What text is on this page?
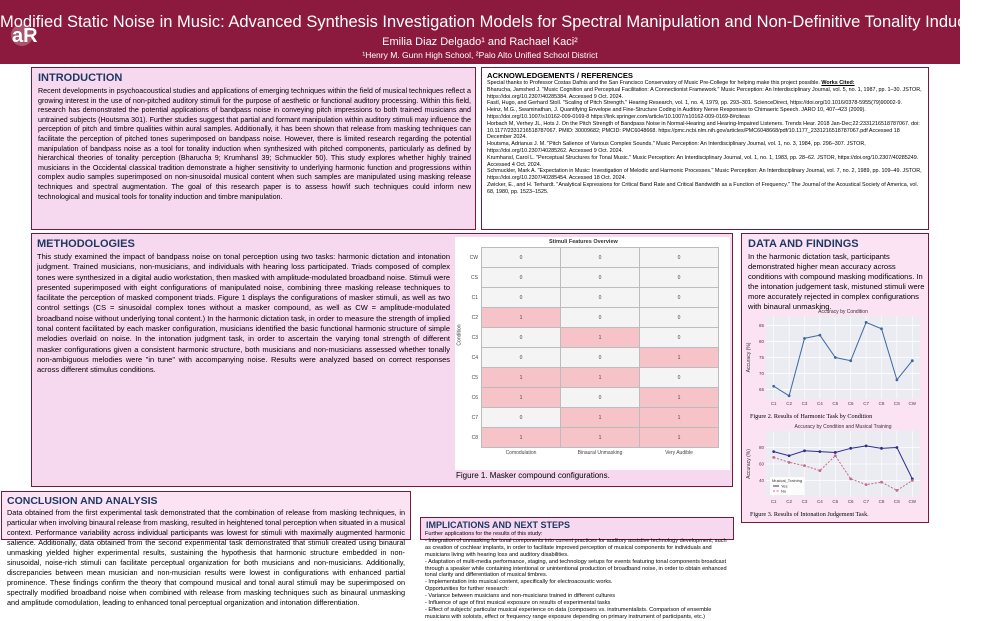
aR
Modified Static Noise in Music: Advanced Synthesis Investigation Models for Spectral Manipulation and Non-Definitive Tonality Induction
Emilia Diaz Delgado¹ and Rachael Kaci²
¹Henry M. Gunn High School, ²Palo Alto Unified School District
INTRODUCTION
Recent developments in psychoacoustical studies and applications of emerging techniques within the field of musical techniques reflect a growing interest in the use of non-pitched auditory stimuli for the purpose of aesthetic or functional auditory processing. Within this field, research has demonstrated the potential applications of bandpass noise in conveying pitch impressions to both trained musicians and untrained subjects (Houtsma 301). Further studies suggest that partial and formant manipulation within auditory stimuli may influence the perception of pitch and timbre qualities within aural samples. Additionally, it has been shown that release from masking techniques can facilitate the perception of pitched tones superimposed on bandpass noise. However, there is limited research regarding the potential manipulation of bandpass noise as a tool for tonality induction when synthesized with pitched components, particularly as defined by hierarchical theories of tonality perception (Bharucha 9; Krumhansl 39; Schmuckler 50). This study explores whether highly trained musicians in the Occidental classical tradition demonstrate a higher sensitivity to underlying harmonic function and progressions within complex audio samples superimposed on non-sinusoidal musical content when such samples are manipulated using masking release techniques and spectral augmentation. The goal of this research paper is to assess how/if such techniques could inform new technological and musical tools for tonality induction and timbre manipulation.
ACKNOWLEDGEMENTS / REFERENCES
Special thanks to Professor Costas Dafnis and the San Francisco Conservatory of Music Pre-College for helping make this project possible. Works Cited:
Bharucha, Jamshed J. "Music Cognition and Perceptual Facilitation: A Connectionist Framework." Music Perception: An Interdisciplinary Journal, vol. 5, no. 1, 1987, pp. 1–30. JSTOR, https://doi.org/10.2307/40285384. Accessed 9 Oct. 2024.
Fastl, Hugo, and Gerhard Stoll. "Scaling of Pitch Strength." Hearing Research, vol. 1, no. 4, 1979, pp. 293–301. ScienceDirect, https://doi.org/10.1016/0378-5955(79)90002-9.
Heinz, M.G., Swaminathan, J. Quantifying Envelope and Fine-Structure Coding in Auditory Nerve Responses to Chimaeric Speech. JARO 10, 407–423 (2009). https://doi.org/10.1007/s10162-009-0169-8 https://link.springer.com/article/10.1007/s10162-009-0169-8#citeas
Horbach M, Verhey JL, Hots J. On the Pitch Strength of Bandpass Noise in Normal-Hearing and Hearing-Impaired Listeners. Trends Hear. 2018 Jan-Dec;22:2331216518787067. doi: 10.1177/2331216518787067. PMID: 30009682; PMCID: PMC6048668. https://pmc.ncbi.nlm.nih.gov/articles/PMC6048668/pdf/10.1177_2331216518787067.pdf Accessed 18 December 2024.
Houtsma, Adrianus J. M. "Pitch Salience of Various Complex Sounds." Music Perception: An Interdisciplinary Journal, vol. 1, no. 3, 1984, pp. 296–307. JSTOR, https://doi.org/10.2307/40285262. Accessed 9 Oct. 2024.
Krumhansl, Carol L. "Perceptual Structures for Tonal Music." Music Perception: An Interdisciplinary Journal, vol. 1, no. 1, 1983, pp. 28–62. JSTOR, https://doi.org/10.2307/40285249. Accessed 4 Oct. 2024.
Schmuckler, Mark A. "Expectation in Music: Investigation of Melodic and Harmonic Processes." Music Perception: An Interdisciplinary Journal, vol. 7, no. 2, 1989, pp. 109–49. JSTOR, https://doi.org/10.2307/40285454. Accessed 18 Oct. 2024.
Zwicker, E., and H. Terhardt. "Analytical Expressions for Critical Band Rate and Critical Bandwidth as a Function of Frequency." The Journal of the Acoustical Society of America, vol. 68, 1980, pp. 1523–1525.
METHODOLOGIES
This study examined the impact of bandpass noise on tonal perception using two tasks: harmonic dictation and intonation judgment. Trained musicians, non-musicians, and individuals with hearing loss participated. Triads composed of complex tones were synthesized in a digital audio workstation, then masked with amplitude-modulated broadband noise. Stimuli were presented superimposed with eight configurations of manipulated noise, combining three masking release techniques to facilitate the perception of masked component triads. Figure 1 displays the configurations of masker stimuli, as well as two control settings (CS = sinusoidal complex tones without a masker compound, as well as CW = amplitude-modulated broadband noise without underlying tonal content.) In the harmonic dictation task, in order to measure the strength of implied tonal content facilitated by each masker configuration, musicians identified the basic functional harmonic structure of simple melodies overlaid on noise. In the intonation judgment task, in order to ascertain the varying tonal strength of different masker configurations given a consistent harmonic structure, both musicians and non-musicians assessed whether tonally non-ambiguous melodies were "in tune" with accompanying noise. Results were analyzed based on correct responses across different stimulus conditions.
Stimuli Features Overview
Condition
CW	0	0	0
CS	0	0	0
C1	0	0	0
C2	1	0	0
C3	0	1	0
C4	0	0	1
C5	1	1	0
C6	1	0	1
C7	0	1	1
C8	1	1	1
	Comodulation	Binaural Unmasking	Very Audible
Figure 1. Masker compound configurations.
DATA AND FINDINGS
In the harmonic dictation task, participants demonstrated higher mean accuracy across conditions with compound masking modifications. In the intonation judgement task, mistuned stimuli were more accurately rejected in complex configurations with binaural unmasking.
65
70
75
80
85
C1 C2 C3 C4 C5 C6 C7 C8 CS CW
Accuracy by Condition
Accuracy (%)
Figure 2. Results of Harmonic Task by Condition
40
60
80
C1 C2 C3 C4 C5 C6 C7 C8 CS CW
Accuracy by Condition and Musical Training
Accuracy (%)
Musical_Training
Yes
No
Figure 3. Results of Intonation Judgement Task.
CONCLUSION AND ANALYSIS
Data obtained from the first experimental task demonstrated that the combination of release from masking techniques, in particular when involving binaural release from masking, resulted in heightened tonal perception when situated in a musical context. Performance variability across individual participants was lowest for stimuli with maximally augmented harmonic salience. Additionally, data obtained from the second experimental task demonstrated that stimuli created using binaural unmasking yielded higher experimental results, sustaining the hypothesis that harmonic structure embedded in non-sinusoidal, noise-rich stimuli can facilitate perceptual organization for both musicians and non-musicians. Additionally, discrepancies between mean musician and non-musician results were lowest in configurations with enhanced partial prominence. These findings confirm the theory that compound musical and tonal aural stimuli may be superimposed on spectrally modified broadband noise when combined with release from masking techniques such as binaural unmasking and amplitude comodulation, leading to enhanced tonal perceptual organization and intonation differentiation.
IMPLICATIONS AND NEXT STEPS
Further applications for the results of this study:
- Integration of unmasking for tonal components into current practices for auditory assistive technology development, such as creation of cochlear implants, in order to facilitate improved perception of musical components for individuals and musicians living with hearing loss and auditory disabilities.
- Adaptation of multi-media performance, staging, and technology setups for events featuring tonal components broadcast through a speaker while containing intentional or unintentional production of broadband noise, in order to obtain enhanced tonal clarity and differentiation of musical timbres.
- Implementation into musical content, specifically for electroacoustic works.
Opportunities for further research:
- Variance between musicians and non-musicians trained in different cultures
- Influence of age of first musical exposure on results of experimental tasks
- Effect of subjects' particular musical experience on data (composers vs. instrumentalists. Comparison of ensemble musicians with soloists, effect or frequency range exposure depending on primary instrument of participants, etc.)
